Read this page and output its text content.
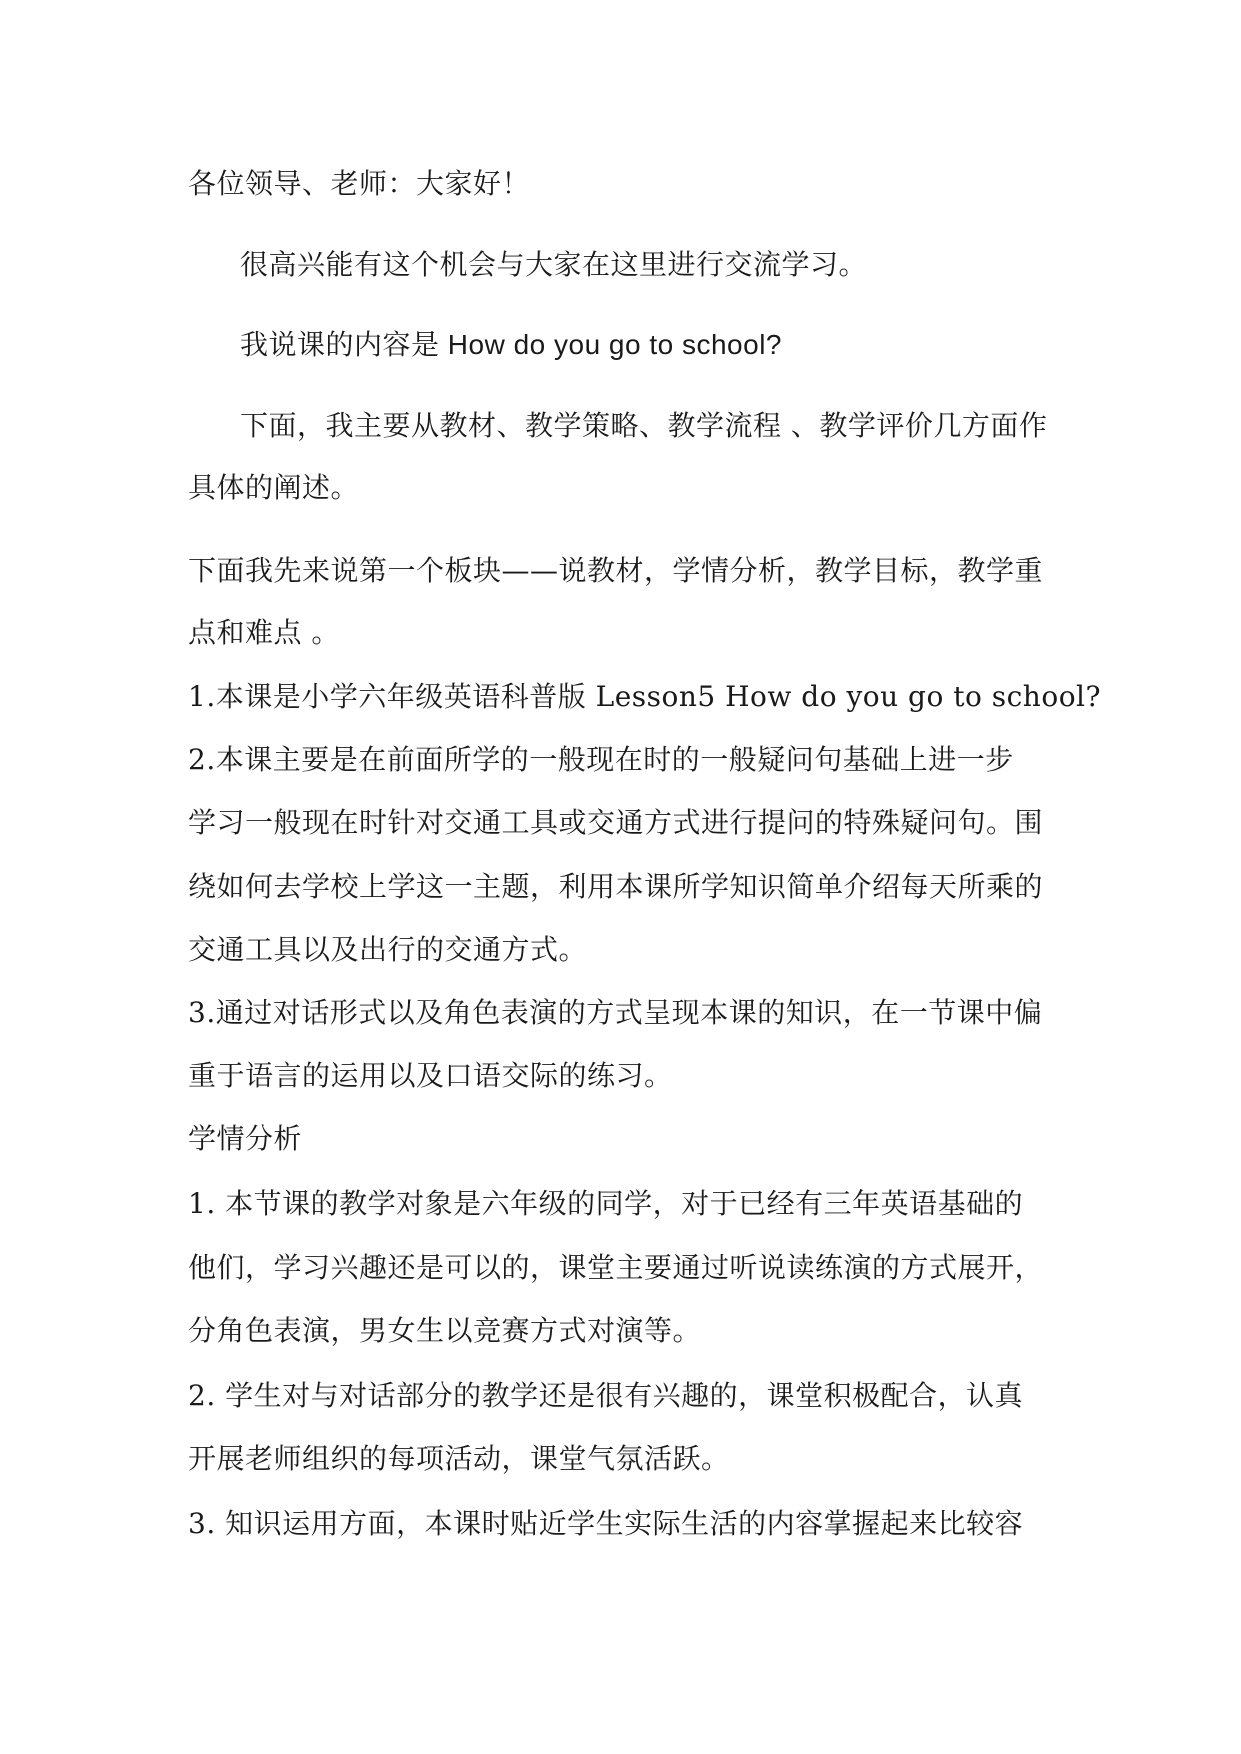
各位领导、老师：大家好！
很高兴能有这个机会与大家在这里进行交流学习。
我说课的内容是 How do you go to school?
下面，我主要从教材、教学策略、教学流程 、教学评价几方面作
具体的阐述。
下面我先来说第一个板块——说教材，学情分析，教学目标，教学重
点和难点 。
1.本课是小学六年级英语科普版 Lesson5 How do you go to school?
2.本课主要是在前面所学的一般现在时的一般疑问句基础上进一步
学习一般现在时针对交通工具或交通方式进行提问的特殊疑问句。围
绕如何去学校上学这一主题，利用本课所学知识简单介绍每天所乘的
交通工具以及出行的交通方式。
3.通过对话形式以及角色表演的方式呈现本课的知识，在一节课中偏
重于语言的运用以及口语交际的练习。
学情分析
1. 本节课的教学对象是六年级的同学，对于已经有三年英语基础的
他们，学习兴趣还是可以的，课堂主要通过听说读练演的方式展开，
分角色表演，男女生以竞赛方式对演等。
2. 学生对与对话部分的教学还是很有兴趣的，课堂积极配合，认真
开展老师组织的每项活动，课堂气氛活跃。
3. 知识运用方面，本课时贴近学生实际生活的内容掌握起来比较容
